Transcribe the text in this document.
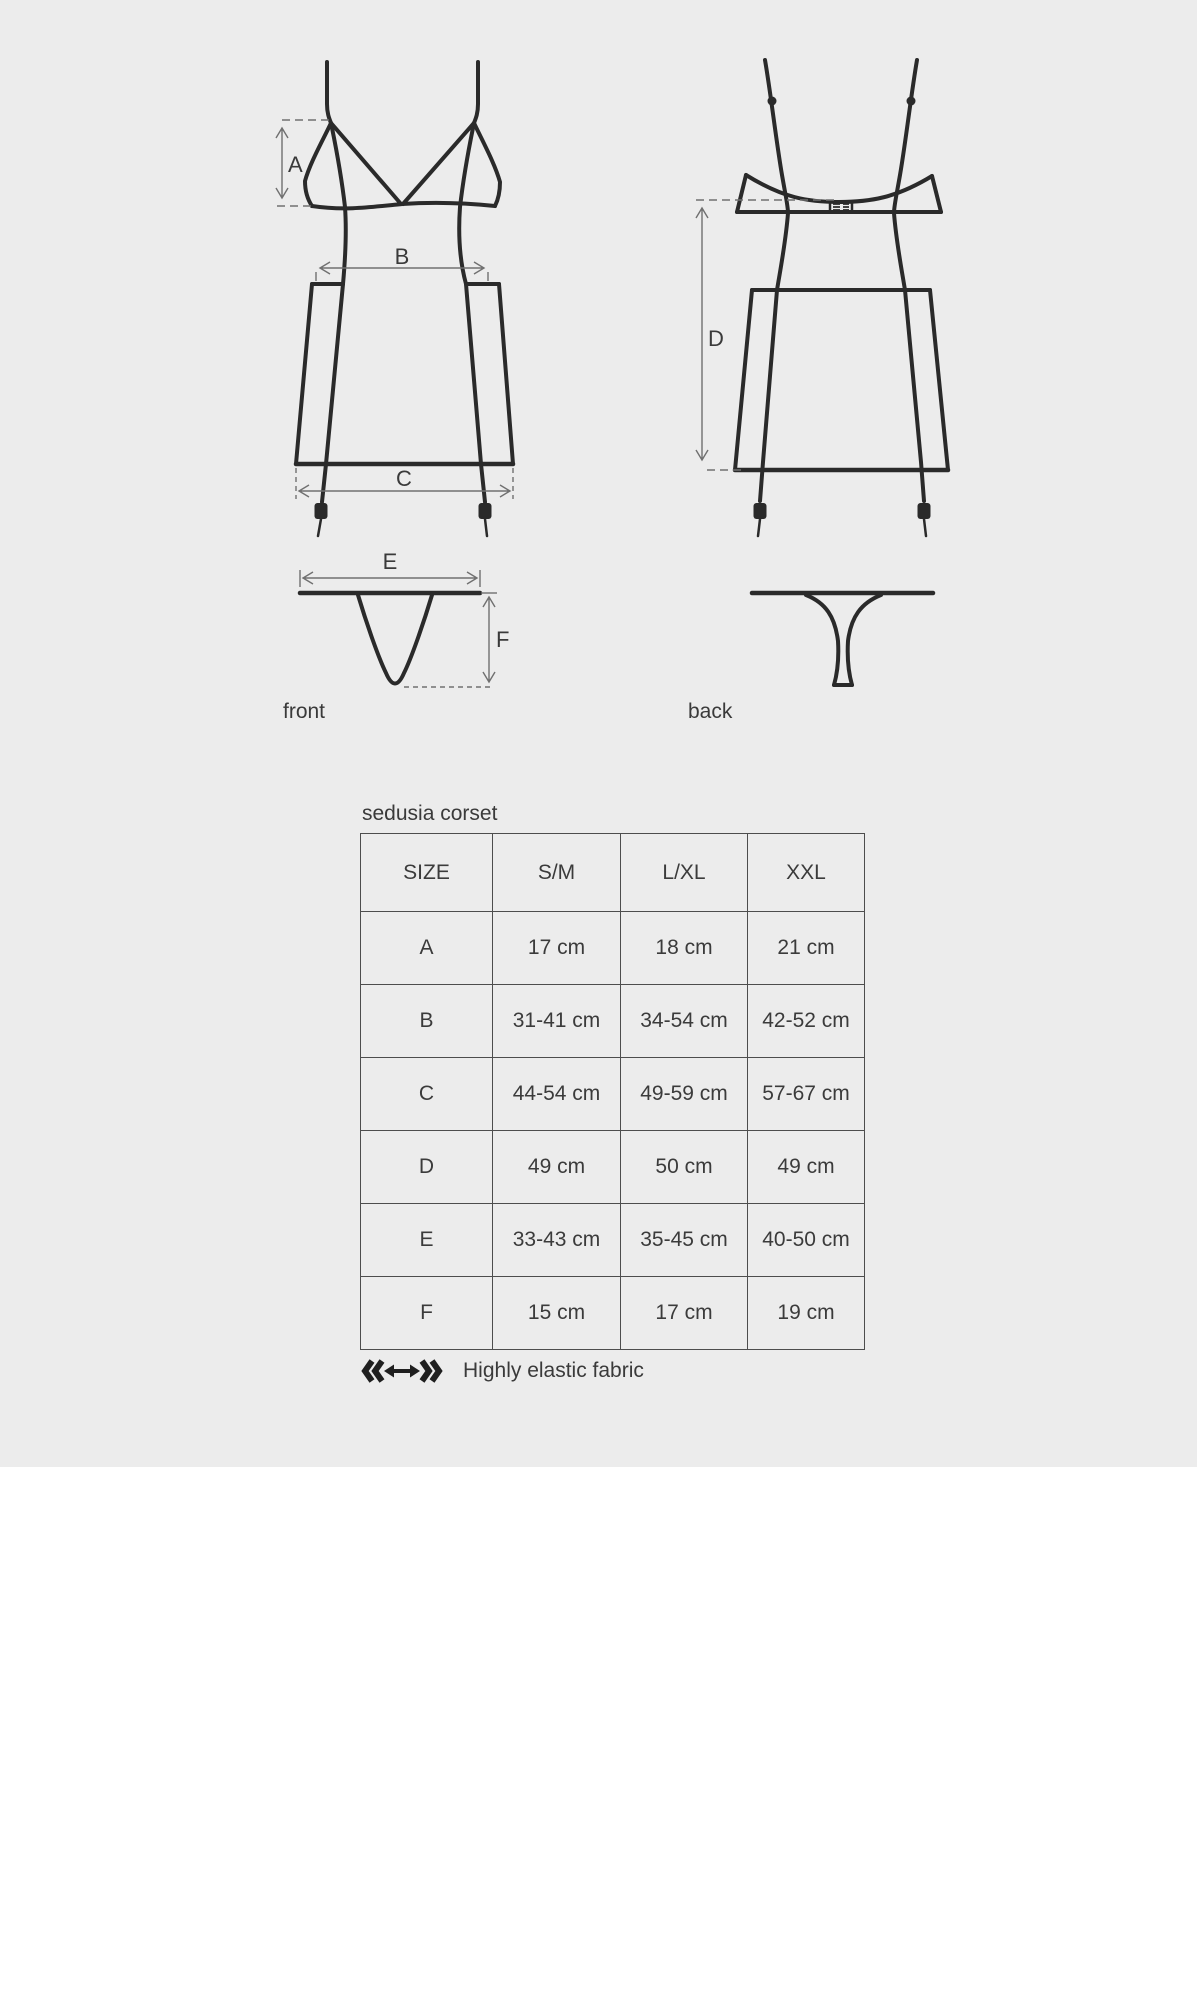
A
B
C
D
E
F
front	back
sedusia corset
SIZE	S/M	L/XL	XXL
A	17 cm	18 cm	21 cm
B	31-41 cm	34-54 cm	42-52 cm
C	44-54 cm	49-59 cm	57-67 cm
D	49 cm	50 cm	49 cm
E	33-43 cm	35-45 cm	40-50 cm
F	15 cm	17 cm	19 cm
Highly elastic fabric
